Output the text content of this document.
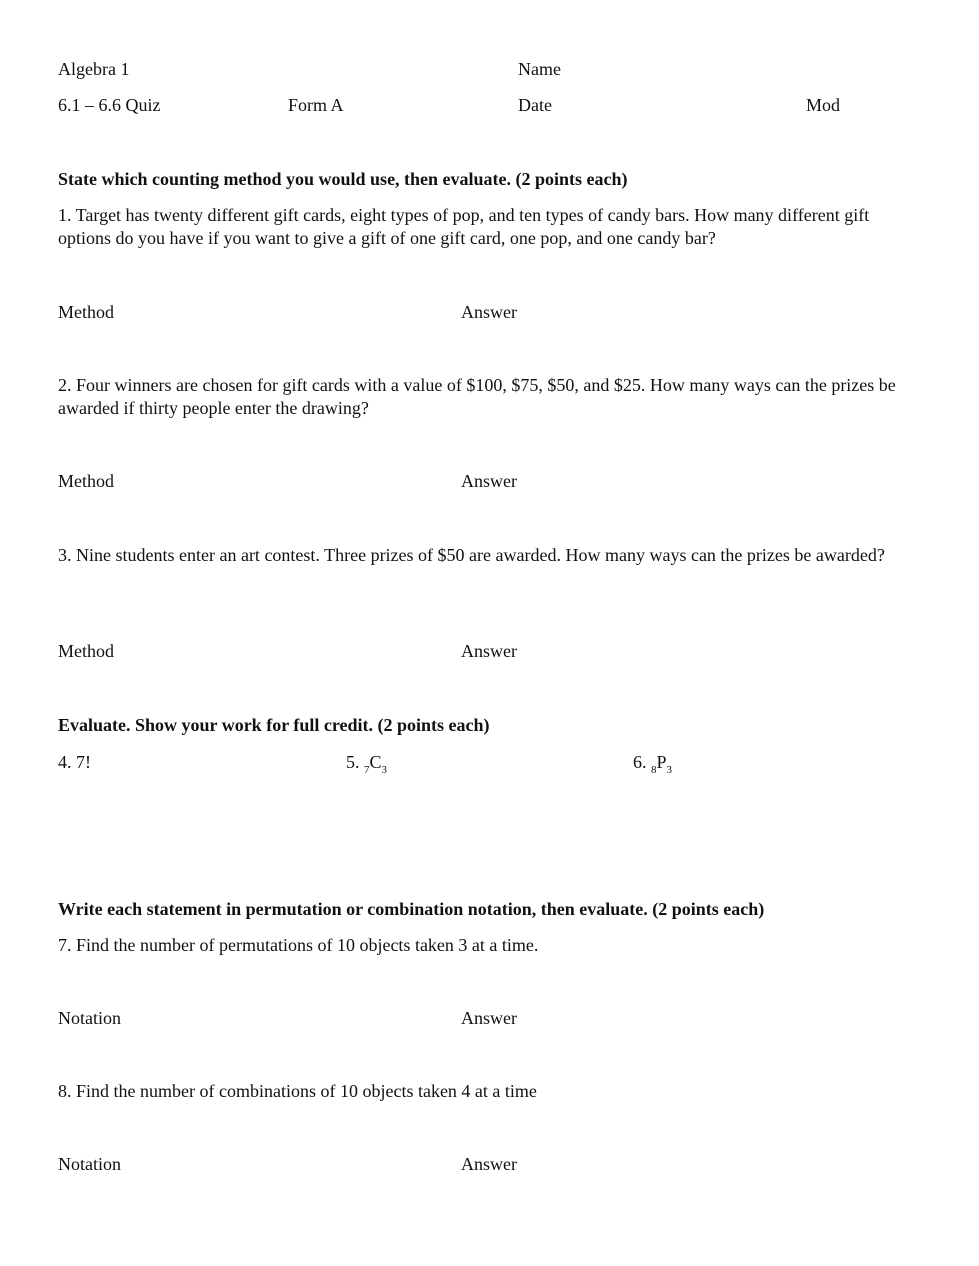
Algebra 1	Name
6.1 – 6.6 Quiz	Form A	Date	Mod
State which counting method you would use, then evaluate. (2 points each)
1. Target has twenty different gift cards, eight types of pop, and ten types of candy bars. How many different gift options do you have if you want to give a gift of one gift card, one pop, and one candy bar?
Method	Answer
2. Four winners are chosen for gift cards with a value of $100, $75, $50, and $25. How many ways can the prizes be awarded if thirty people enter the drawing?
Method	Answer
3. Nine students enter an art contest. Three prizes of $50 are awarded. How many ways can the prizes be awarded?
Method	Answer
Evaluate. Show your work for full credit. (2 points each)
4. 7!	5. $_7C_3$	6. $_8P_3$
Write each statement in permutation or combination notation, then evaluate. (2 points each)
7. Find the number of permutations of 10 objects taken 3 at a time.
Notation	Answer
8. Find the number of combinations of 10 objects taken 4 at a time
Notation	Answer
